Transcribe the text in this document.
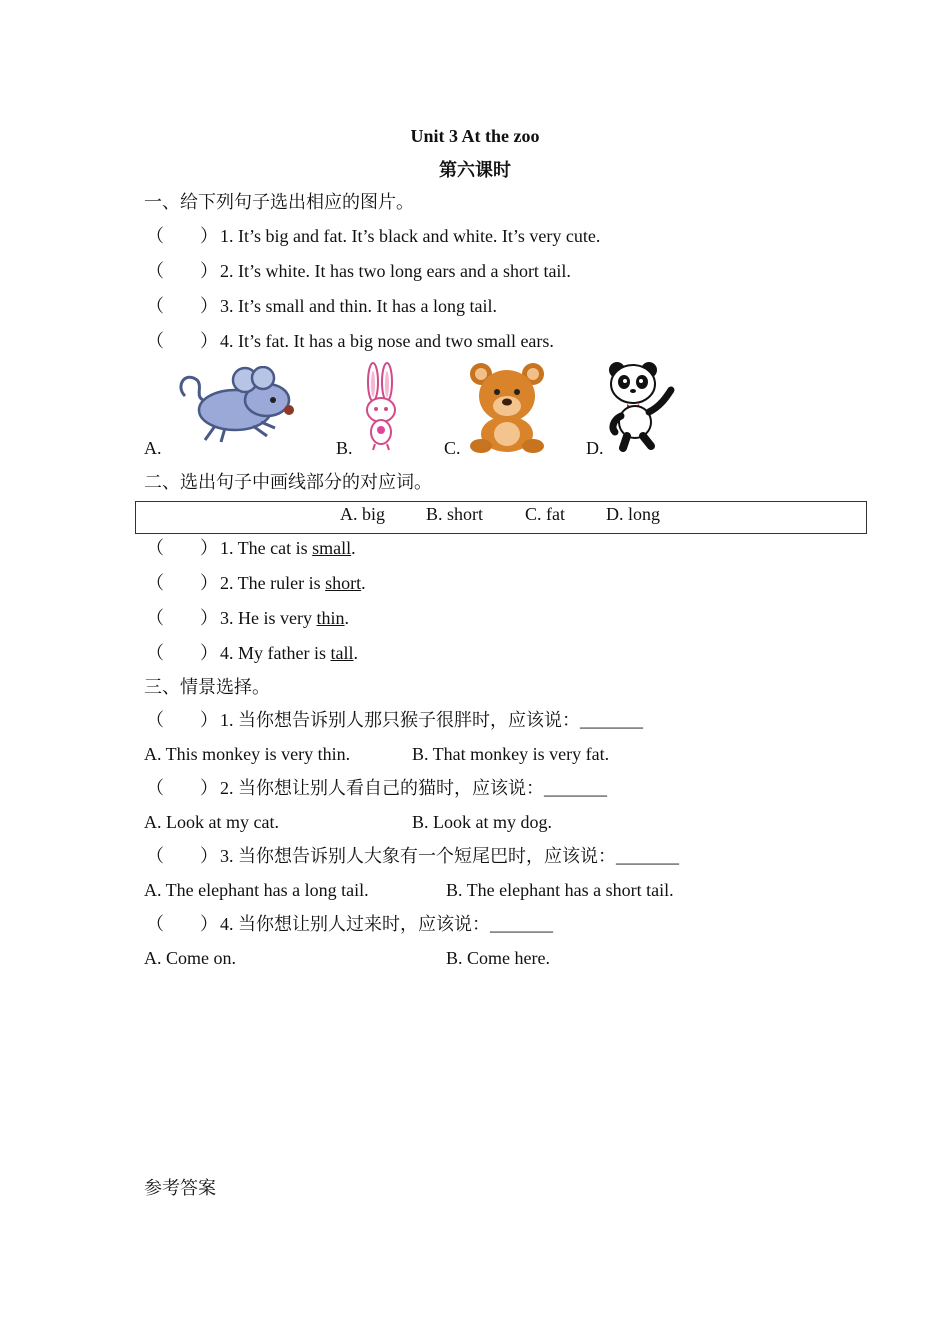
Unit 3 At the zoo
第六课时
一、给下列句子选出相应的图片。
（　　） 1. It’s big and fat. It’s black and white. It’s very cute.
（　　） 2. It’s white. It has two long ears and a short tail.
（　　） 3. It’s small and thin. It has a long tail.
（　　） 4. It’s fat. It has a big nose and two small ears.
A.	B.	C.	D.
二、选出句子中画线部分的对应词。
A. big B. short C. fat D. long
（　　） 1. The cat is small.
（　　） 2. The ruler is short.
（　　） 3. He is very thin.
（　　） 4. My father is tall.
三、情景选择。
（　　） 1. 当你想告诉别人那只猴子很胖时，应该说：_______
A. This monkey is very thin.	B. That monkey is very fat.
（　　） 2. 当你想让别人看自己的猫时，应该说：_______
A. Look at my cat.	B. Look at my dog.
（　　） 3. 当你想告诉别人大象有一个短尾巴时，应该说：_______
A. The elephant has a long tail.	B. The elephant has a short tail.
（　　） 4. 当你想让别人过来时，应该说：_______
A. Come on.	B. Come here.
参考答案
